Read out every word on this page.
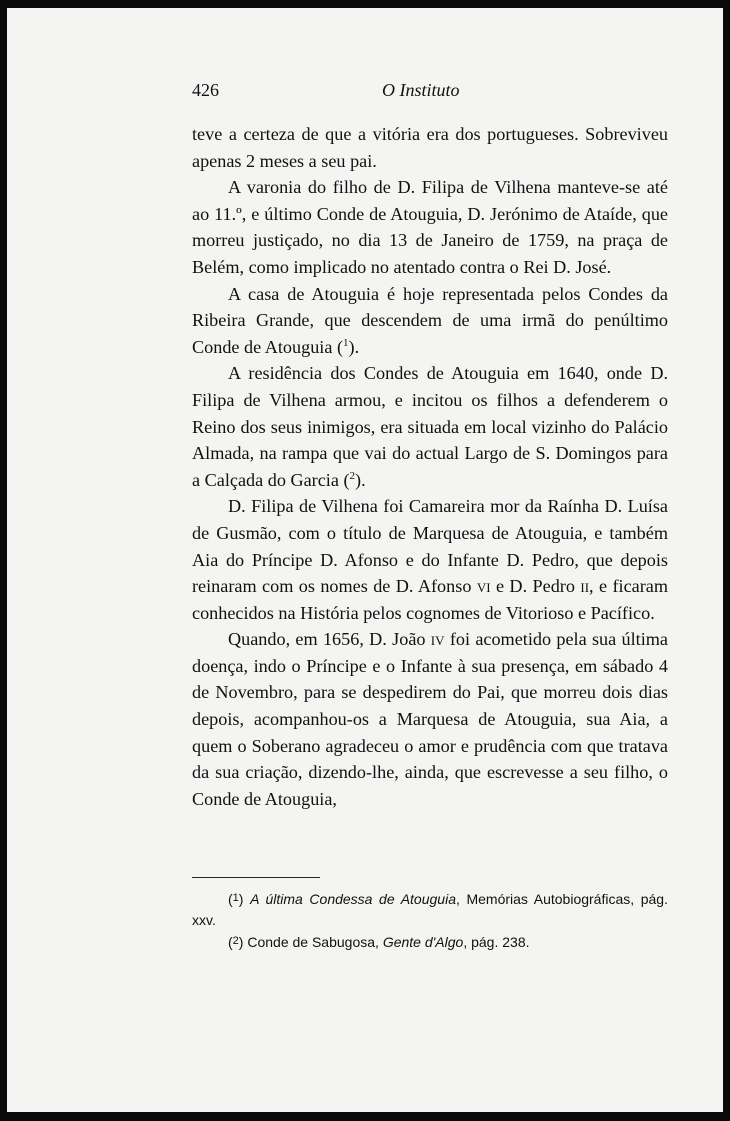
426	O Instituto

teve a certeza de que a vitória era dos portugueses. Sobreviveu apenas 2 meses a seu pai.

A varonia do filho de D. Filipa de Vilhena manteve-se até ao 11.º, e último Conde de Atouguia, D. Jerónimo de Ataíde, que morreu justiçado, no dia 13 de Janeiro de 1759, na praça de Belém, como implicado no atentado contra o Rei D. José.

A casa de Atouguia é hoje representada pelos Condes da Ribeira Grande, que descendem de uma irmã do penúltimo Conde de Atouguia ($^1$).

A residência dos Condes de Atouguia em 1640, onde D. Filipa de Vilhena armou, e incitou os filhos a defenderem o Reino dos seus inimigos, era situada em local vizinho do Palácio Almada, na rampa que vai do actual Largo de S. Domingos para a Calçada do Garcia ($^2$).

D. Filipa de Vilhena foi Camareira mor da Raínha D. Luísa de Gusmão, com o título de Marquesa de Atouguia, e também Aia do Príncipe D. Afonso e do Infante D. Pedro, que depois reinaram com os nomes de D. Afonso vi e D. Pedro ii, e ficaram conhecidos na História pelos cognomes de Vitorioso e Pacífico.

Quando, em 1656, D. João iv foi acometido pela sua última doença, indo o Príncipe e o Infante à sua presença, em sábado 4 de Novembro, para se despedirem do Pai, que morreu dois dias depois, acompanhou-os a Marquesa de Atouguia, sua Aia, a quem o Soberano agradeceu o amor e prudência com que tratava da sua criação, dizendo-lhe, ainda, que escrevesse a seu filho, o Conde de Atouguia,

($^1$) A última Condessa de Atouguia, Memórias Autobiográficas, pág. xxv.

($^2$) Conde de Sabugosa, Gente d'Algo, pág. 238.
